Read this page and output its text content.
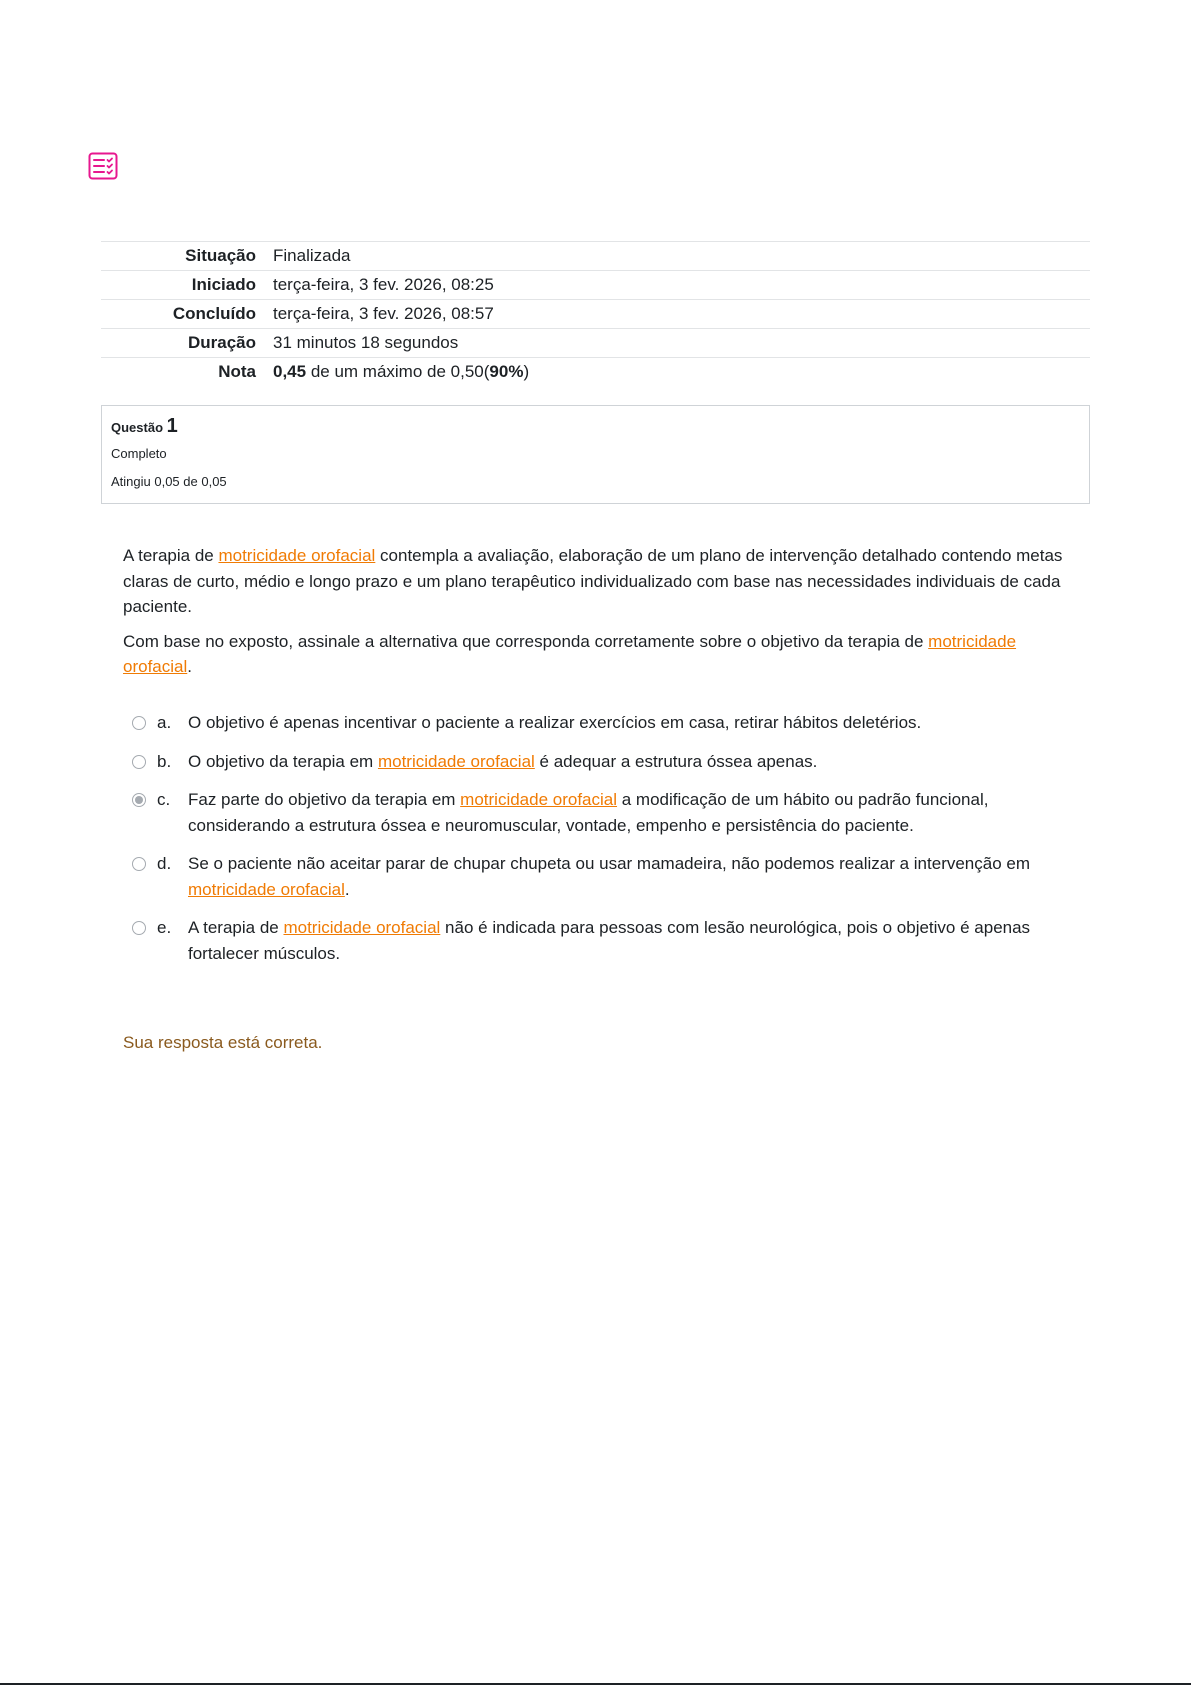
Situação	Finalizada
Iniciado	terça-feira, 3 fev. 2026, 08:25
Concluído	terça-feira, 3 fev. 2026, 08:57
Duração	31 minutos 18 segundos
Nota	0,45 de um máximo de 0,50(90%)
Questão 1
Completo
Atingiu 0,05 de 0,05

A terapia de motricidade orofacial contempla a avaliação, elaboração de um plano de intervenção detalhado contendo metas claras de curto, médio e longo prazo e um plano terapêutico individualizado com base nas necessidades individuais de cada paciente.

Com base no exposto, assinale a alternativa que corresponda corretamente sobre o objetivo da terapia de motricidade orofacial.

a. O objetivo é apenas incentivar o paciente a realizar exercícios em casa, retirar hábitos deletérios.
b. O objetivo da terapia em motricidade orofacial é adequar a estrutura óssea apenas.
c.	Faz parte do objetivo da terapia em motricidade orofacial a modificação de um hábito ou padrão funcional, considerando a estrutura óssea e neuromuscular, vontade, empenho e persistência do paciente.
d. Se o paciente não aceitar parar de chupar chupeta ou usar mamadeira, não podemos realizar a intervenção em motricidade orofacial.
e. A terapia de motricidade orofacial não é indicada para pessoas com lesão neurológica, pois o objetivo é apenas fortalecer músculos.
Sua resposta está correta.
